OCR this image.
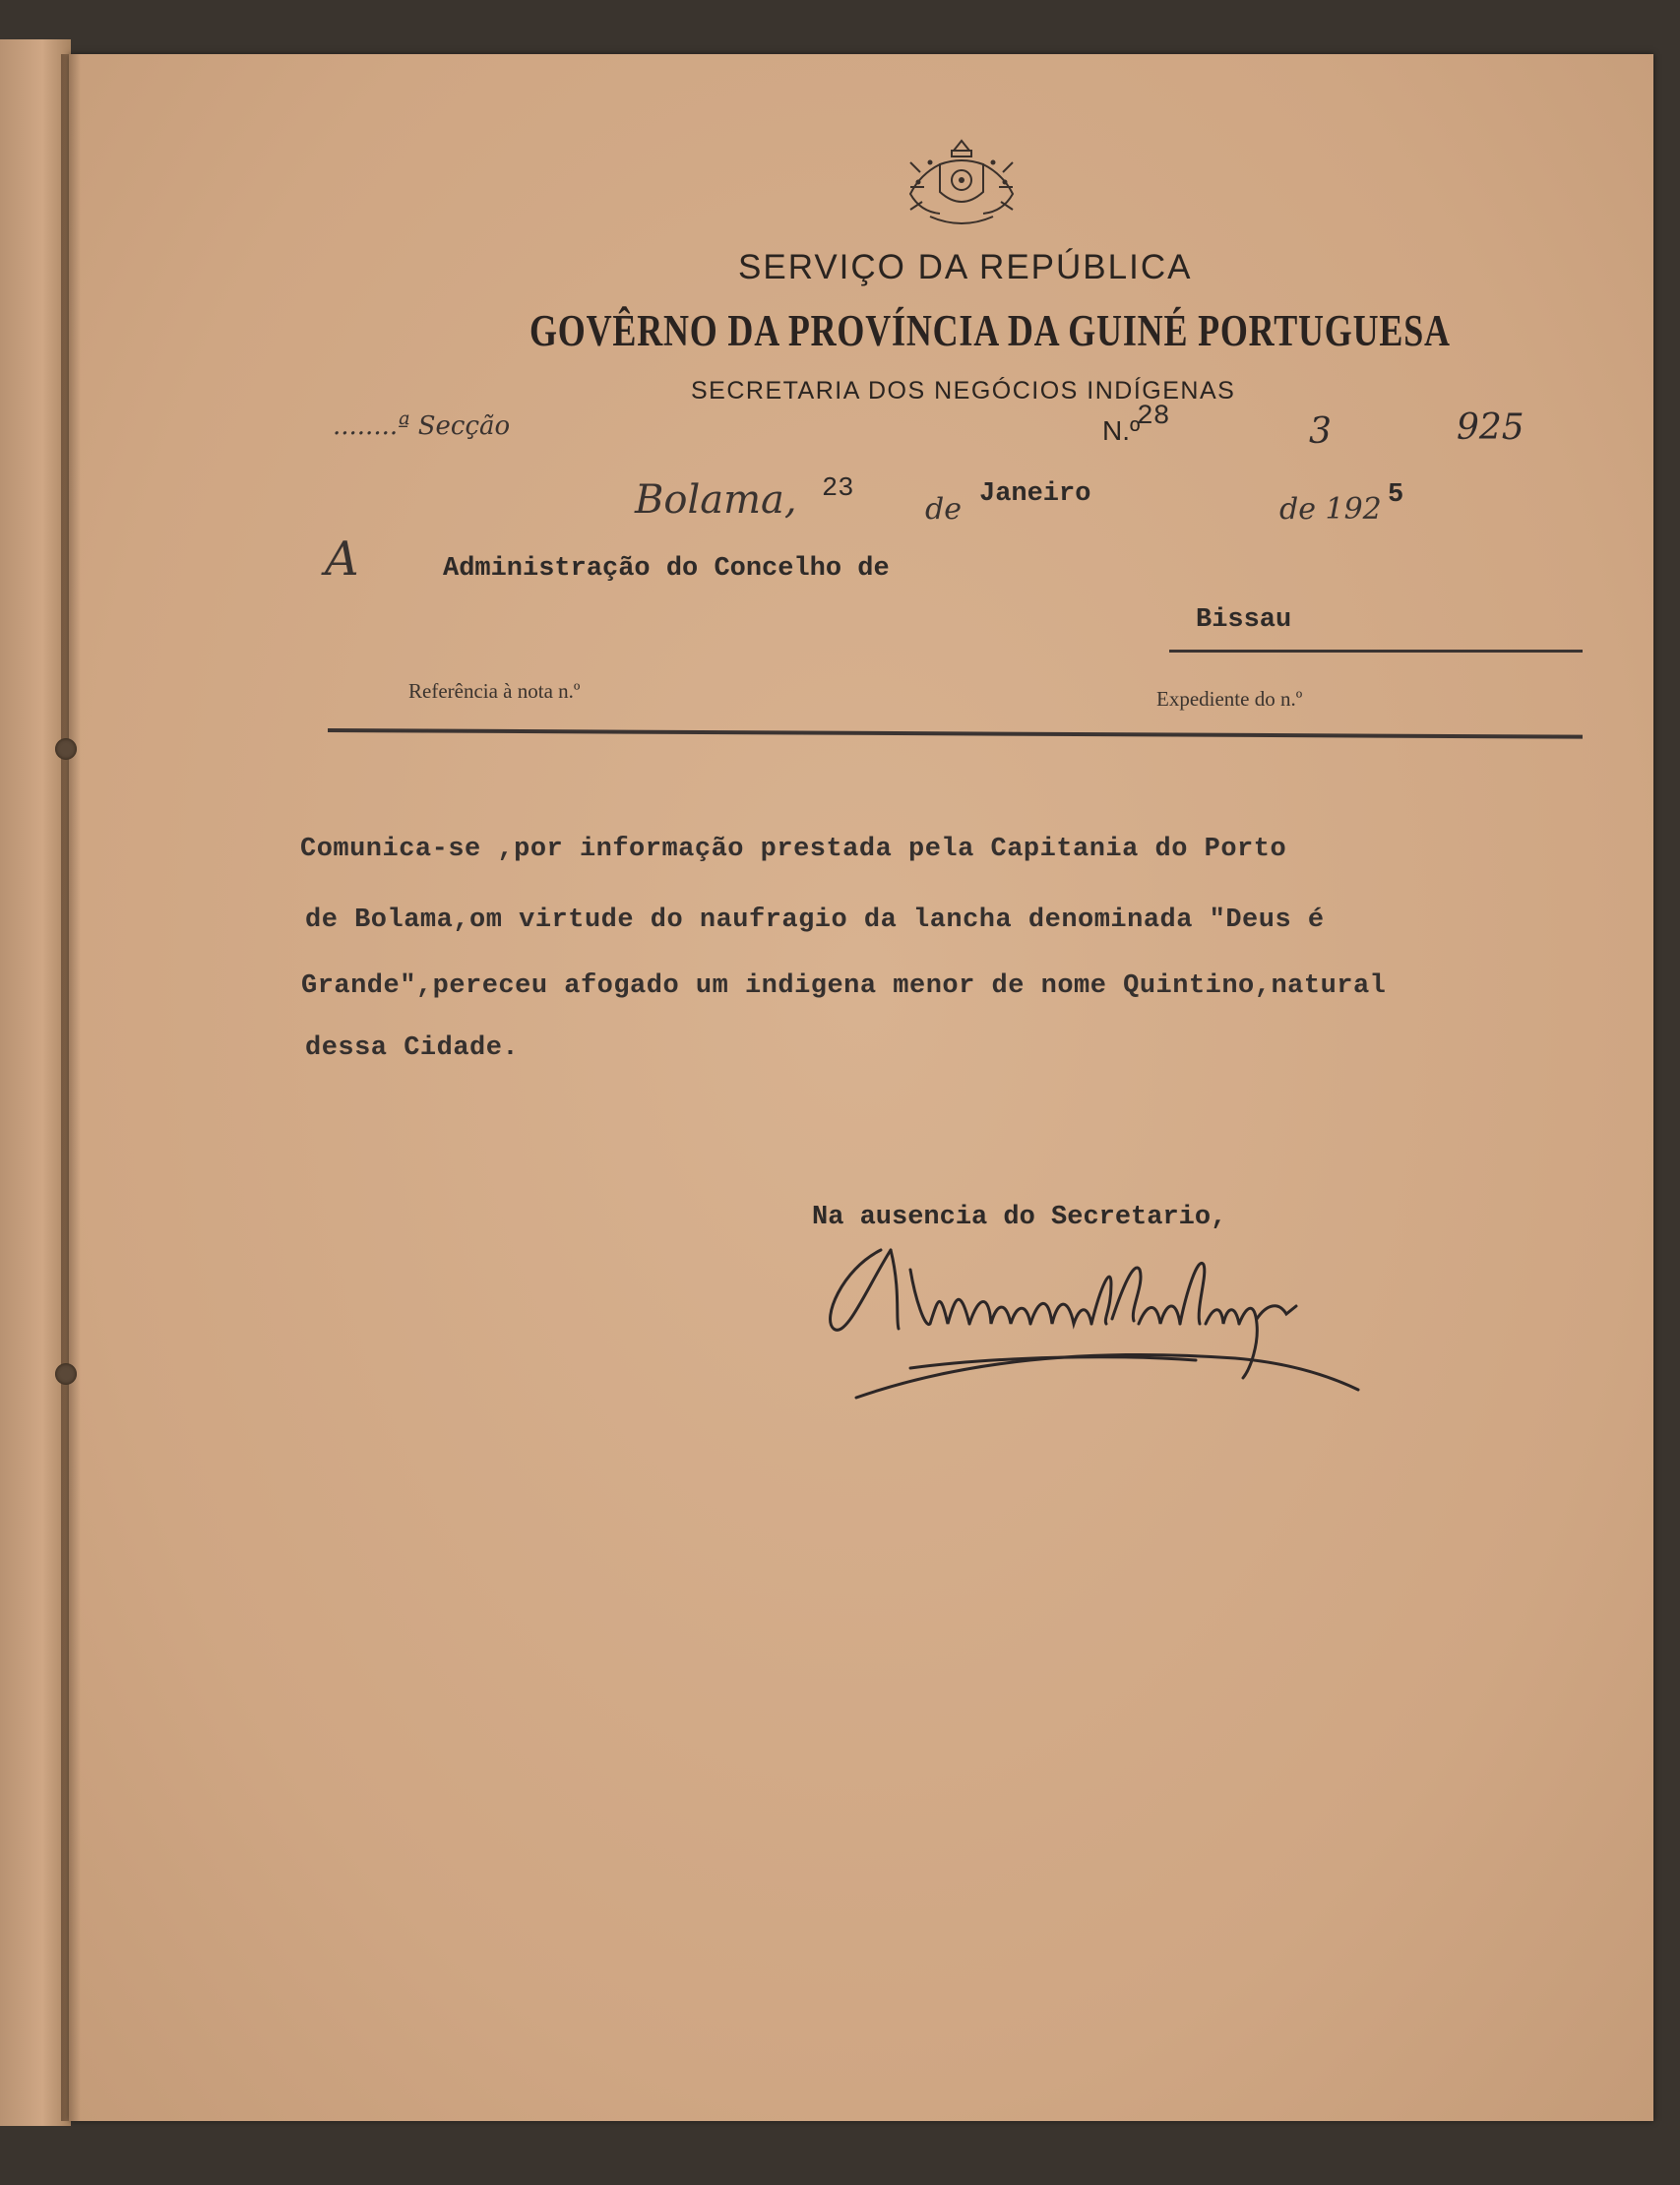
SERVIÇO DA REPÚBLICA
GOVÊRNO DA PROVÍNCIA DA GUINÉ PORTUGUESA
SECRETARIA DOS NEGÓCIOS INDÍGENAS
........ª Secção	N.º
28	3	925
Bolama, 23
de Janeiro	de 192 5
A	Administração do Concelho de
Bissau
Referência à nota n.º	Expediente do n.º
Comunica-se ,por informação prestada pela Capitania do Porto
de Bolama,om virtude do naufragio da lancha denominada "Deus é
Grande",pereceu afogado um indigena menor de nome Quintino,natural
dessa Cidade.
Na ausencia do Secretario,
